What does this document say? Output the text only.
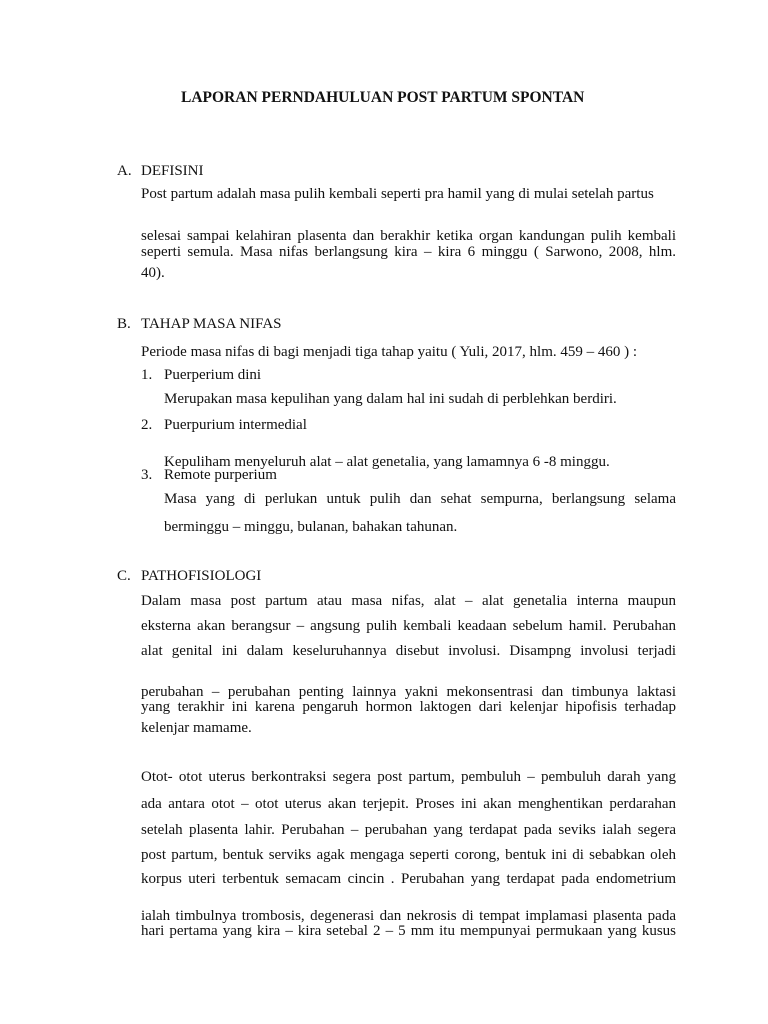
LAPORAN PERNDAHULUAN POST PARTUM SPONTAN
A. DEFISINI
Post partum adalah masa pulih kembali seperti pra hamil yang di mulai setelah partus
selesai sampai kelahiran plasenta dan berakhir ketika organ kandungan pulih kembali
seperti semula. Masa nifas berlangsung kira – kira 6 minggu ( Sarwono, 2008, hlm.
40).
B. TAHAP MASA NIFAS
Periode masa nifas di bagi menjadi tiga tahap yaitu ( Yuli, 2017, hlm. 459 – 460 ) :
1. Puerperium dini
Merupakan masa kepulihan yang dalam hal ini sudah di perblehkan berdiri.
2. Puerpurium intermedial
Kepuliham menyeluruh alat – alat genetalia, yang lamamnya 6 -8 minggu.
3. Remote purperium
Masa yang di perlukan untuk pulih dan sehat sempurna, berlangsung selama
berminggu – minggu, bulanan, bahakan tahunan.
C. PATHOFISIOLOGI
Dalam masa post partum atau masa nifas, alat – alat genetalia interna maupun
eksterna akan berangsur – angsung pulih kembali keadaan sebelum hamil. Perubahan
alat genital ini dalam keseluruhannya disebut involusi. Disampng involusi terjadi
perubahan – perubahan penting lainnya yakni mekonsentrasi dan timbunya laktasi
yang terakhir ini karena pengaruh hormon laktogen dari kelenjar hipofisis terhadap
kelenjar mamame.
Otot- otot uterus berkontraksi segera post partum, pembuluh – pembuluh darah yang
ada antara otot – otot uterus akan terjepit. Proses ini akan menghentikan perdarahan
setelah plasenta lahir. Perubahan – perubahan yang terdapat pada seviks ialah segera
post partum, bentuk serviks agak mengaga seperti corong, bentuk ini di sebabkan oleh
korpus uteri terbentuk semacam cincin . Perubahan yang terdapat pada endometrium
ialah timbulnya trombosis, degenerasi dan nekrosis di tempat implamasi plasenta pada
hari pertama yang kira – kira setebal 2 – 5 mm itu mempunyai permukaan yang kusus
